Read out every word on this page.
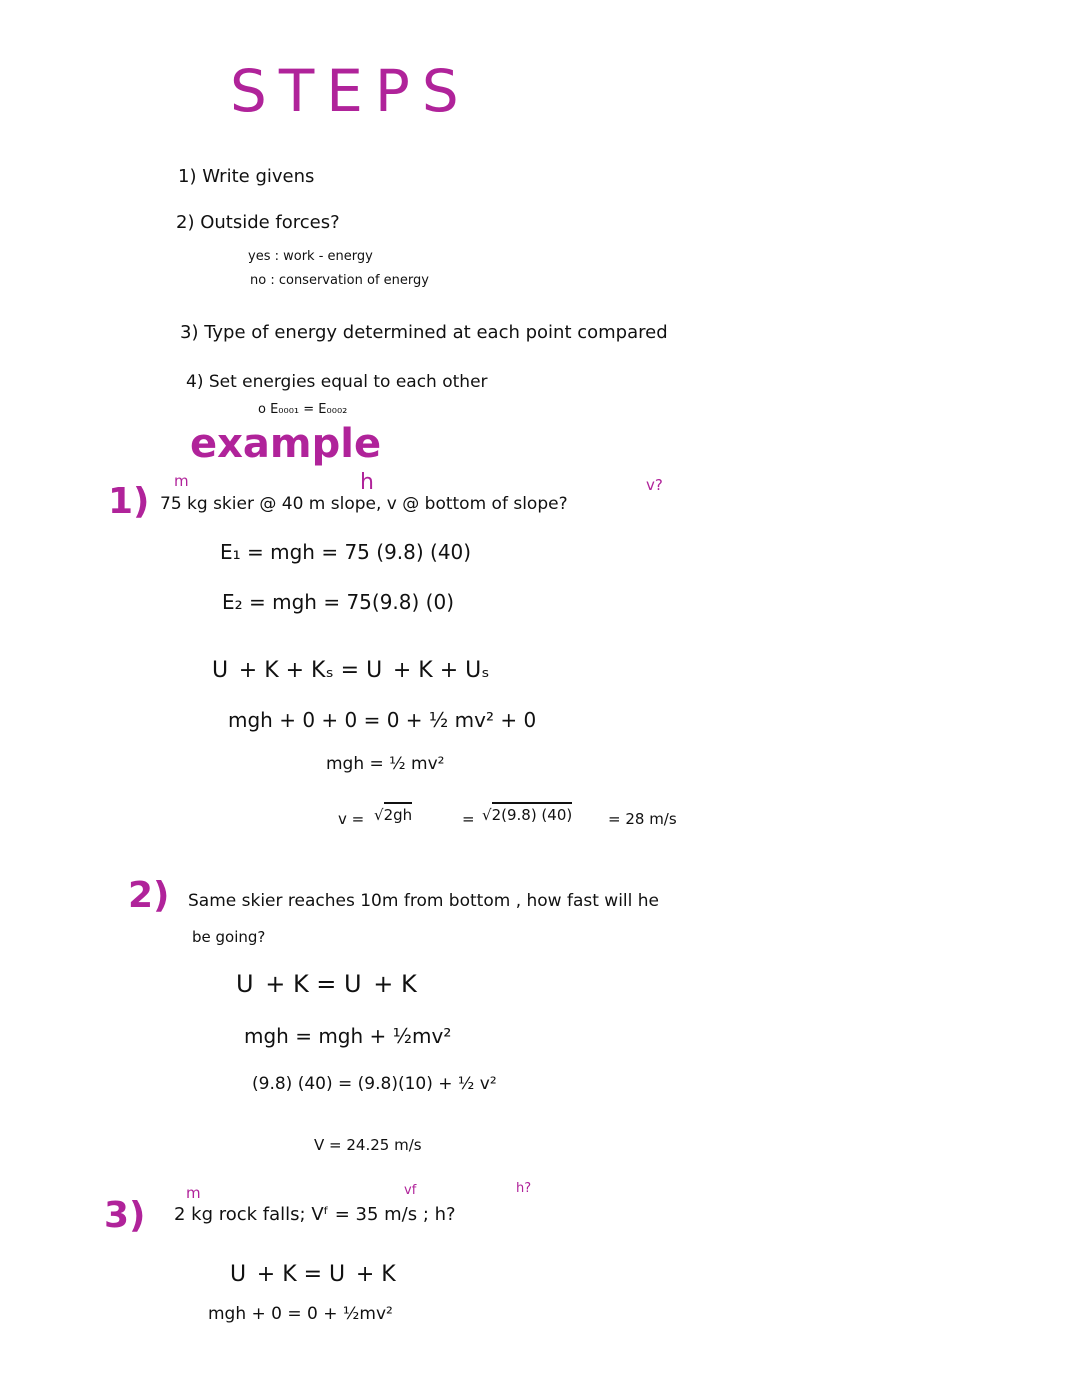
STEPS
1) Write givens
2) Outside forces?
yes : work - energy
no : conservation of energy
3) Type of energy determined at each point compared
4) Set energies equal to each other
o E₀₀₀₁ = E₀₀₀₂
example
m	h	v?
1) 75 kg skier @ 40 m slope, v @ bottom of slope?
E₁ = mgh = 75 (9.8) (40)
E₂ = mgh = 75(9.8) (0)
U  + K + Kₛ = U  + K + Uₛ
mgh + 0 + 0 = 0 + ½ mv² + 0
mgh = ½ mv²
v = √2gh	= √2(9.8) (40) = 28 m/s
2) Same skier reaches 10m from bottom , how fast will he
be going?
U  + K = U  + K
mgh = mgh + ½mv²
(9.8) (40) = (9.8)(10) + ½ v²
V = 24.25 m/s
m	vf	h?
3) 2 kg rock falls; Vᶠ = 35 m/s ; h?
U  + K = U  + K
mgh + 0 = 0 + ½mv²
